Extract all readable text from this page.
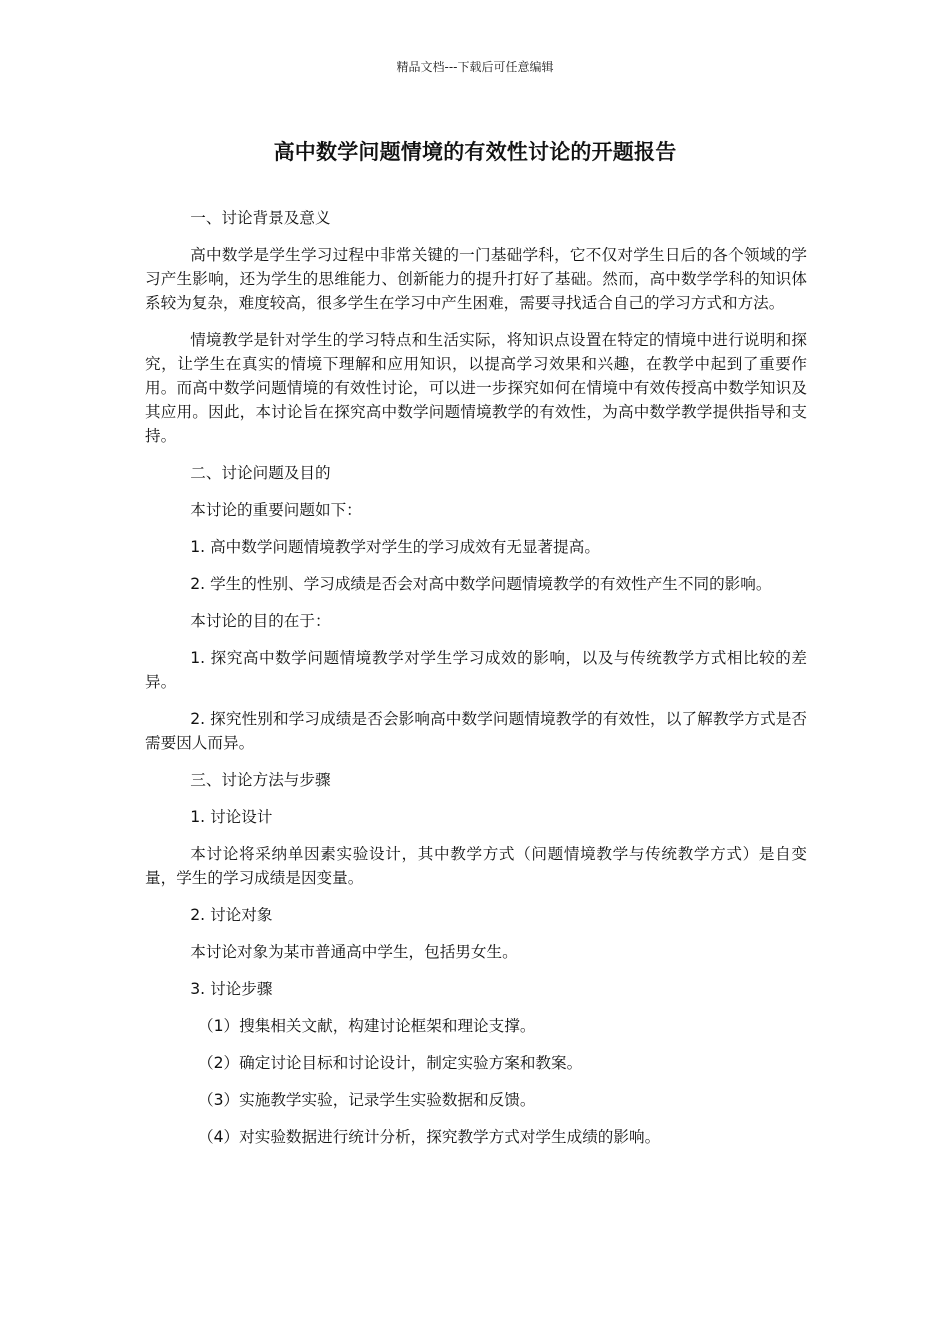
精品文档---下载后可任意编辑
高中数学问题情境的有效性讨论的开题报告

一、讨论背景及意义

高中数学是学生学习过程中非常关键的一门基础学科，它不仅对学生日后的各个领域的学习产生影响，还为学生的思维能力、创新能力的提升打好了基础。然而，高中数学学科的知识体系较为复杂，难度较高，很多学生在学习中产生困难，需要寻找适合自己的学习方式和方法。

情境教学是针对学生的学习特点和生活实际，将知识点设置在特定的情境中进行说明和探究，让学生在真实的情境下理解和应用知识，以提高学习效果和兴趣，在教学中起到了重要作用。而高中数学问题情境的有效性讨论，可以进一步探究如何在情境中有效传授高中数学知识及其应用。因此，本讨论旨在探究高中数学问题情境教学的有效性，为高中数学教学提供指导和支持。

二、讨论问题及目的

本讨论的重要问题如下：

1. 高中数学问题情境教学对学生的学习成效有无显著提高。

2. 学生的性别、学习成绩是否会对高中数学问题情境教学的有效性产生不同的影响。

本讨论的目的在于：

1. 探究高中数学问题情境教学对学生学习成效的影响，以及与传统教学方式相比较的差异。

2. 探究性别和学习成绩是否会影响高中数学问题情境教学的有效性，以了解教学方式是否需要因人而异。

三、讨论方法与步骤

1. 讨论设计

本讨论将采纳单因素实验设计，其中教学方式（问题情境教学与传统教学方式）是自变量，学生的学习成绩是因变量。

2. 讨论对象

本讨论对象为某市普通高中学生，包括男女生。

3. 讨论步骤

（1）搜集相关文献，构建讨论框架和理论支撑。

（2）确定讨论目标和讨论设计，制定实验方案和教案。

（3）实施教学实验，记录学生实验数据和反馈。

（4）对实验数据进行统计分析，探究教学方式对学生成绩的影响。
